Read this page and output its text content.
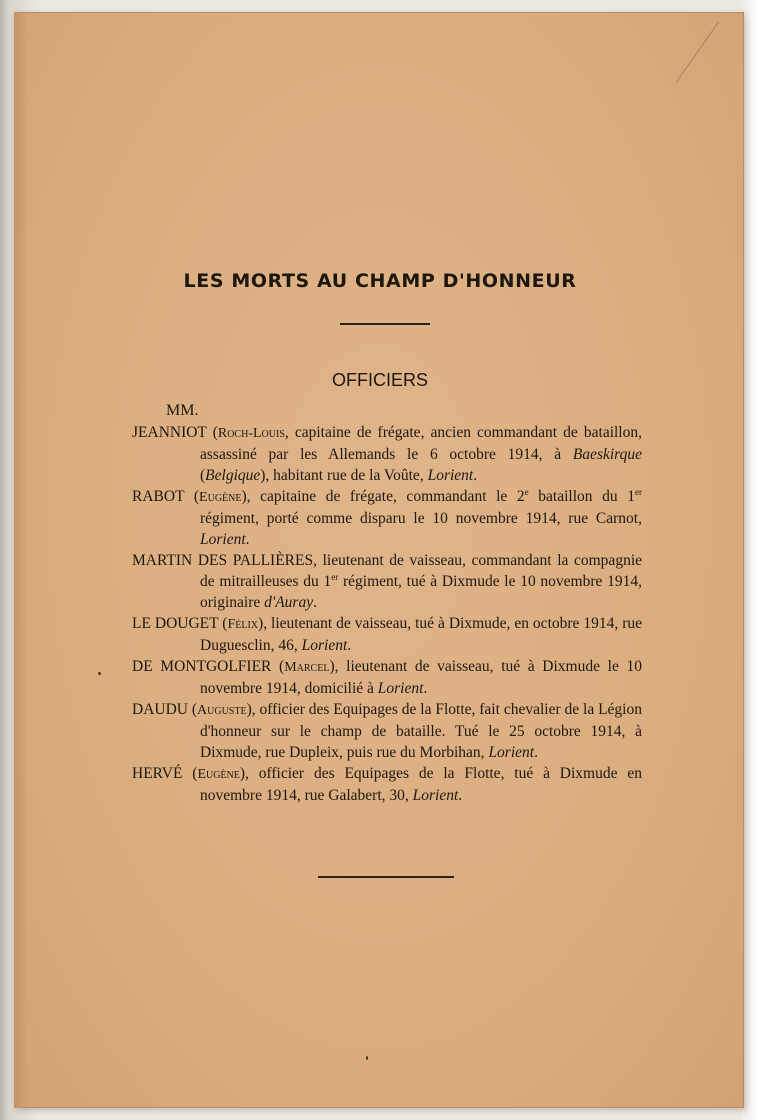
LES MORTS AU CHAMP D'HONNEUR
OFFICIERS
MM.

JEANNIOT (Roch-Louis, capitaine de frégate, ancien commandant de bataillon, assassiné par les Allemands le 6 octobre 1914, à Baeskirque (Belgique), habitant rue de la Voûte, Lorient.

RABOT (Eugène), capitaine de frégate, commandant le 2e bataillon du 1er régiment, porté comme disparu le 10 novembre 1914, rue Carnot, Lorient.

MARTIN DES PALLIÈRES, lieutenant de vaisseau, commandant la compagnie de mitrailleuses du 1er régiment, tué à Dixmude le 10 novembre 1914, originaire d'Auray.

LE DOUGET (Félix), lieutenant de vaisseau, tué à Dixmude, en octobre 1914, rue Duguesclin, 46, Lorient.

DE MONTGOLFIER (Marcel), lieutenant de vaisseau, tué à Dixmude le 10 novembre 1914, domicilié à Lorient.

DAUDU (Auguste), officier des Equipages de la Flotte, fait chevalier de la Légion d'honneur sur le champ de bataille. Tué le 25 octobre 1914, à Dixmude, rue Dupleix, puis rue du Morbihan, Lorient.

HERVÉ (Eugène), officier des Equipages de la Flotte, tué à Dixmude en novembre 1914, rue Galabert, 30, Lorient.
